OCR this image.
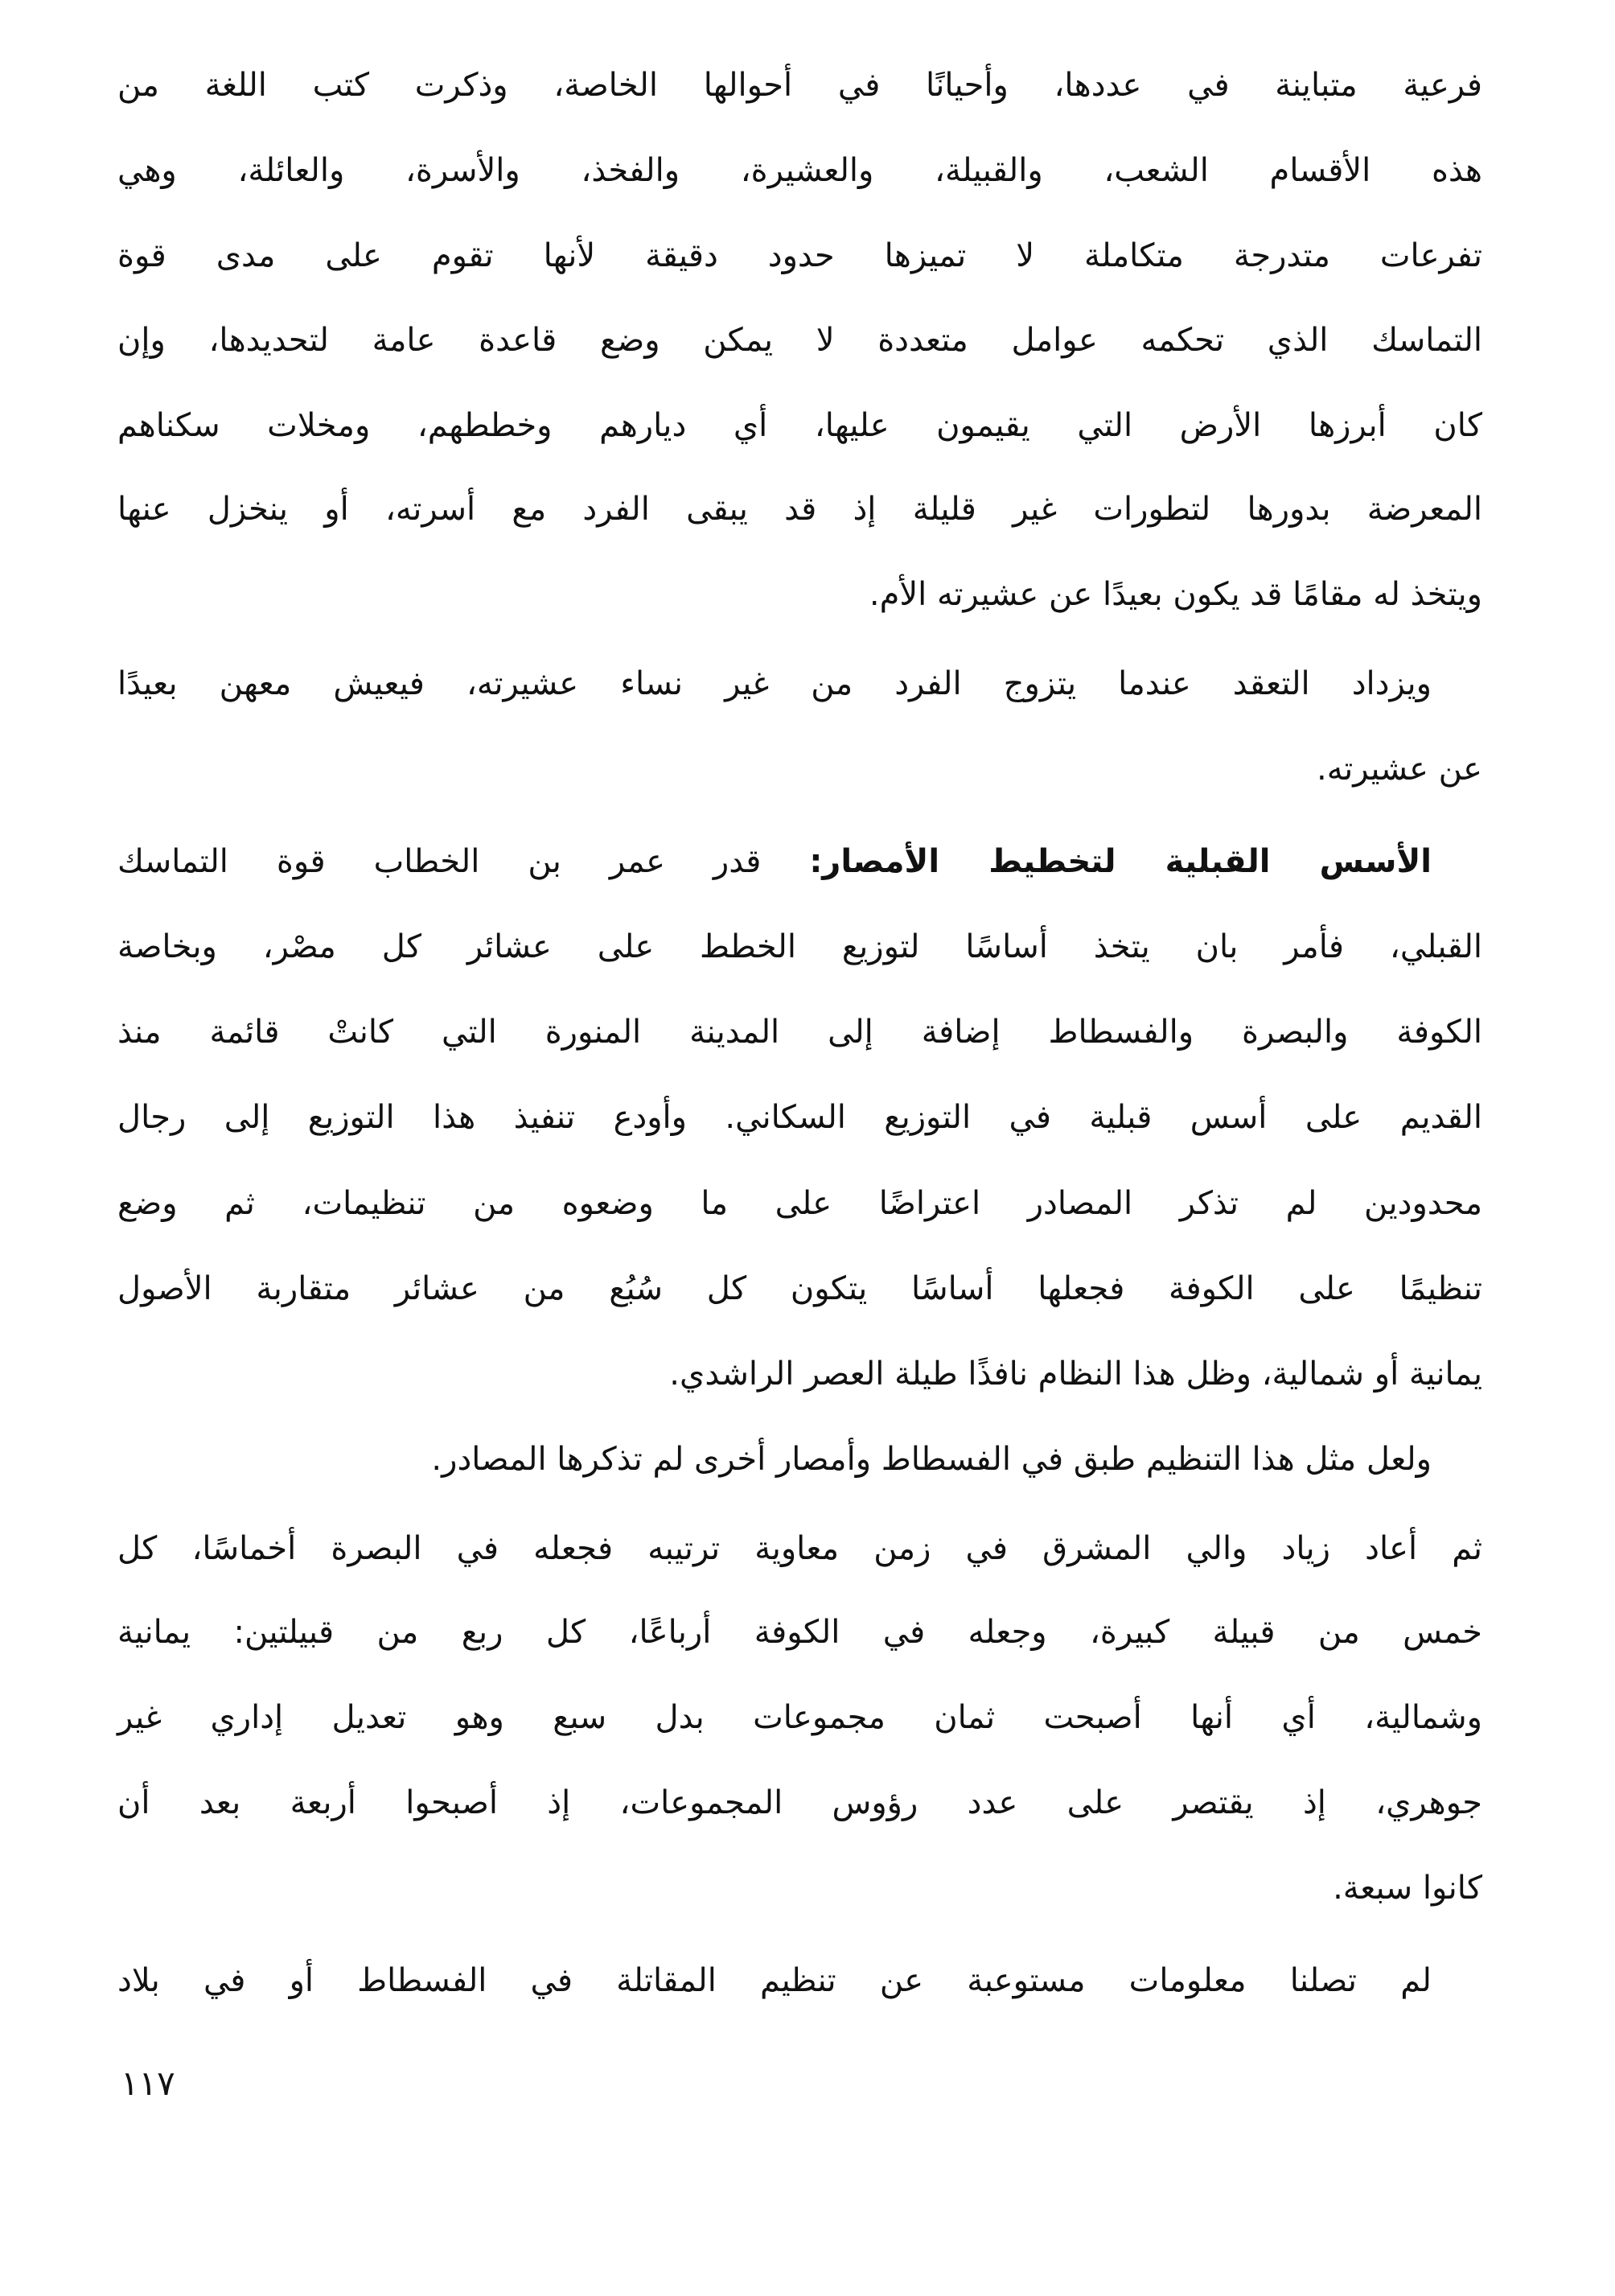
فرعية متباينة في عددها، وأحيانًا في أحوالها الخاصة، وذكرت كتب اللغة من
هذه الأقسام الشعب، والقبيلة، والعشيرة، والفخذ، والأسرة، والعائلة، وهي
تفرعات متدرجة متكاملة لا تميزها حدود دقيقة لأنها تقوم على مدى قوة
التماسك الذي تحكمه عوامل متعددة لا يمكن وضع قاعدة عامة لتحديدها، وإن
كان أبرزها الأرض التي يقيمون عليها، أي ديارهم وخططهم، ومخلات سكناهم
المعرضة بدورها لتطورات غير قليلة إذ قد يبقى الفرد مع أسرته، أو ينخزل عنها
ويتخذ له مقامًا قد يكون بعيدًا عن عشيرته الأم.
ويزداد التعقد عندما يتزوج الفرد من غير نساء عشيرته، فيعيش معهن بعيدًا
عن عشيرته.
الأسس القبلية لتخطيط الأمصار: قدر عمر بن الخطاب قوة التماسك
القبلي، فأمر بان يتخذ أساسًا لتوزيع الخطط على عشائر كل مصْر، وبخاصة
الكوفة والبصرة والفسطاط إضافة إلى المدينة المنورة التي كانتْ قائمة منذ
القديم على أسس قبلية في التوزيع السكاني. وأودع تنفيذ هذا التوزيع إلى رجال
محدودين لم تذكر المصادر اعتراضًا على ما وضعوه من تنظيمات، ثم وضع
تنظيمًا على الكوفة فجعلها أساسًا يتكون كل سُبُع من عشائر متقاربة الأصول
يمانية أو شمالية، وظل هذا النظام نافذًا طيلة العصر الراشدي.
ولعل مثل هذا التنظيم طبق في الفسطاط وأمصار أخرى لم تذكرها المصادر.
ثم أعاد زياد والي المشرق في زمن معاوية ترتيبه فجعله في البصرة أخماسًا، كل
خمس من قبيلة كبيرة، وجعله في الكوفة أرباعًا، كل ربع من قبيلتين: يمانية
وشمالية، أي أنها أصبحت ثمان مجموعات بدل سبع وهو تعديل إداري غير
جوهري، إذ يقتصر على عدد رؤوس المجموعات، إذ أصبحوا أربعة بعد أن
كانوا سبعة.
لم تصلنا معلومات مستوعبة عن تنظيم المقاتلة في الفسطاط أو في بلاد
١١٧
